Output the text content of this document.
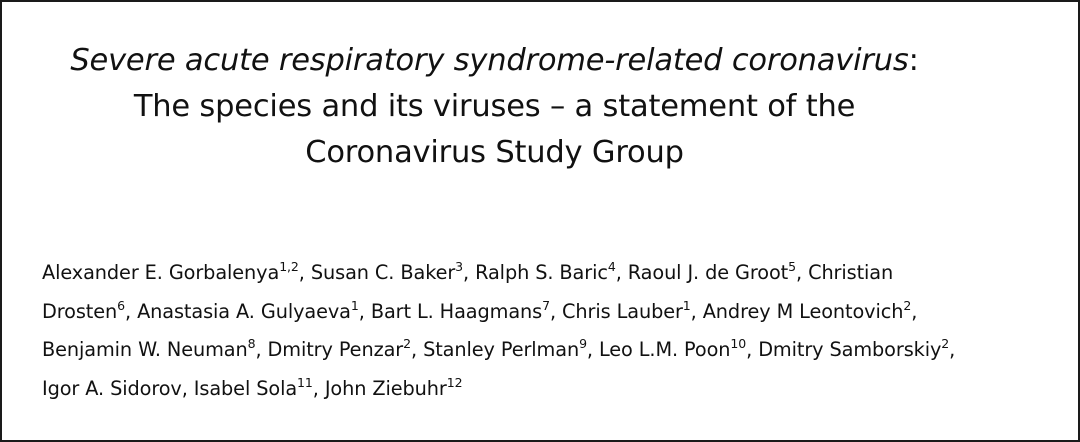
Severe acute respiratory syndrome-related coronavirus:
The species and its viruses – a statement of the
Coronavirus Study Group
Alexander E. Gorbalenya$^{1,2}$, Susan C. Baker$^3$, Ralph S. Baric$^4$, Raoul J. de Groot$^5$, Christian
Drosten$^6$, Anastasia A. Gulyaeva$^1$, Bart L. Haagmans$^7$, Chris Lauber$^1$, Andrey M Leontovich$^2$,
Benjamin W. Neuman$^8$, Dmitry Penzar$^2$, Stanley Perlman$^9$, Leo L.M. Poon$^{10}$, Dmitry Samborskiy$^2$,
Igor A. Sidorov, Isabel Sola$^{11}$, John Ziebuhr$^{12}$
